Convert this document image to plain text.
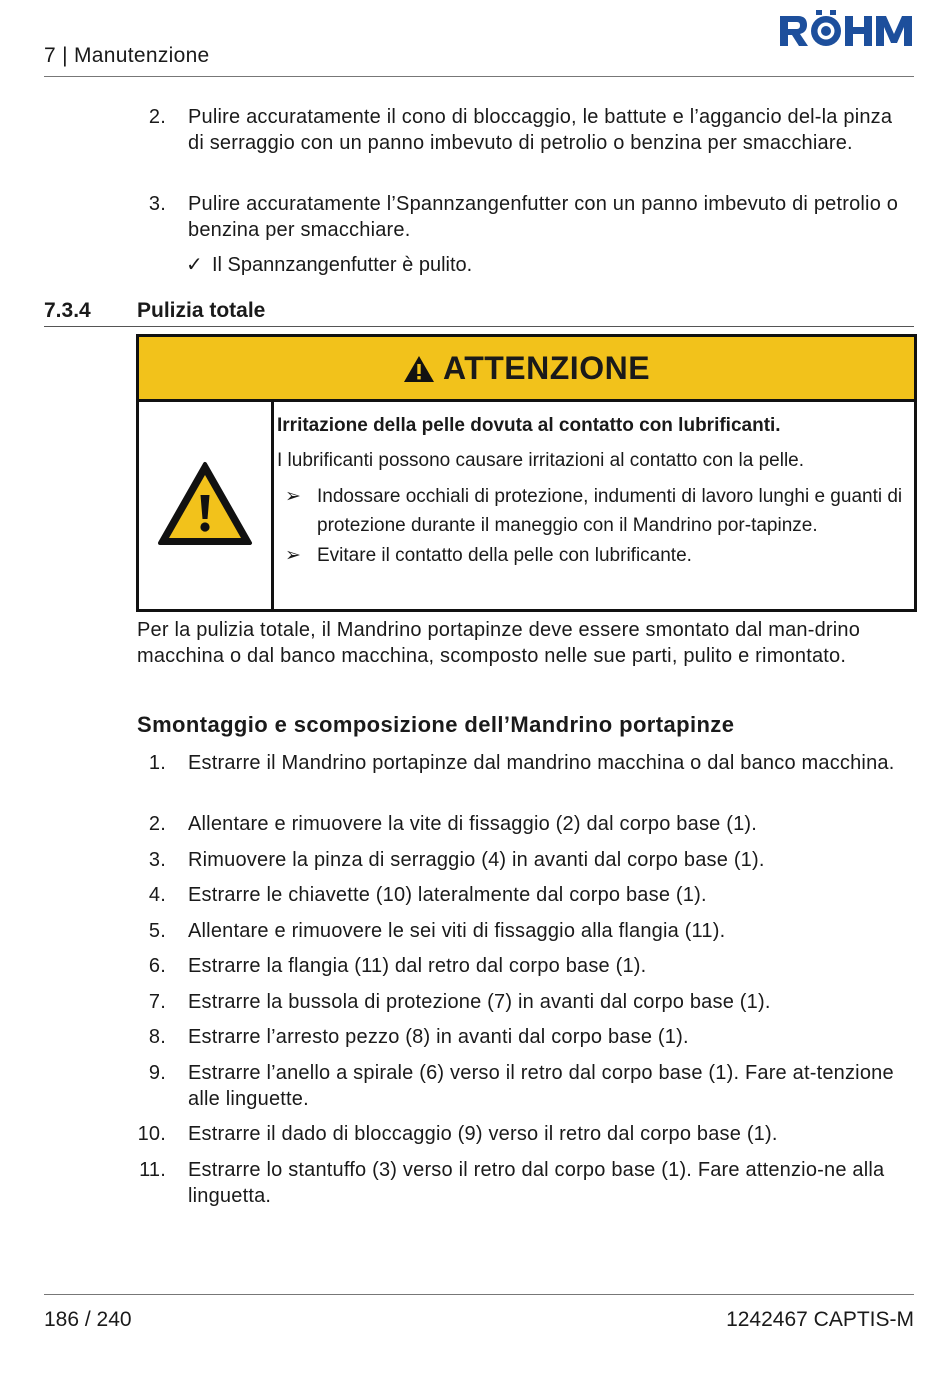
7 | Manutenzione
2. Pulire accuratamente il cono di bloccaggio, le battute e l’aggancio del-la pinza di serraggio con un panno imbevuto di petrolio o benzina per smacchiare.
3. Pulire accuratamente l’Spannzangenfutter con un panno imbevuto di petrolio o benzina per smacchiare.
✓ Il Spannzangenfutter è pulito.
7.3.4 Pulizia totale
ATTENZIONE
Irritazione della pelle dovuta al contatto con lubrificanti.
I lubrificanti possono causare irritazioni al contatto con la pelle.
➢ Indossare occhiali di protezione, indumenti di lavoro lunghi e guanti di protezione durante il maneggio con il Mandrino por-tapinze.
➢ Evitare il contatto della pelle con lubrificante.
Per la pulizia totale, il Mandrino portapinze deve essere smontato dal man-drino macchina o dal banco macchina, scomposto nelle sue parti, pulito e rimontato.
Smontaggio e scomposizione dell’Mandrino portapinze
1. Estrarre il Mandrino portapinze dal mandrino macchina o dal banco macchina.
2. Allentare e rimuovere la vite di fissaggio (2) dal corpo base (1).
3. Rimuovere la pinza di serraggio (4) in avanti dal corpo base (1).
4. Estrarre le chiavette (10) lateralmente dal corpo base (1).
5. Allentare e rimuovere le sei viti di fissaggio alla flangia (11).
6. Estrarre la flangia (11) dal retro dal corpo base (1).
7. Estrarre la bussola di protezione (7) in avanti dal corpo base (1).
8. Estrarre l’arresto pezzo (8) in avanti dal corpo base (1).
9. Estrarre l’anello a spirale (6) verso il retro dal corpo base (1). Fare at-tenzione alle linguette.
10. Estrarre il dado di bloccaggio (9) verso il retro dal corpo base (1).
11. Estrarre lo stantuffo (3) verso il retro dal corpo base (1). Fare attenzio-ne alla linguetta.
186 / 240	1242467 CAPTIS-M
